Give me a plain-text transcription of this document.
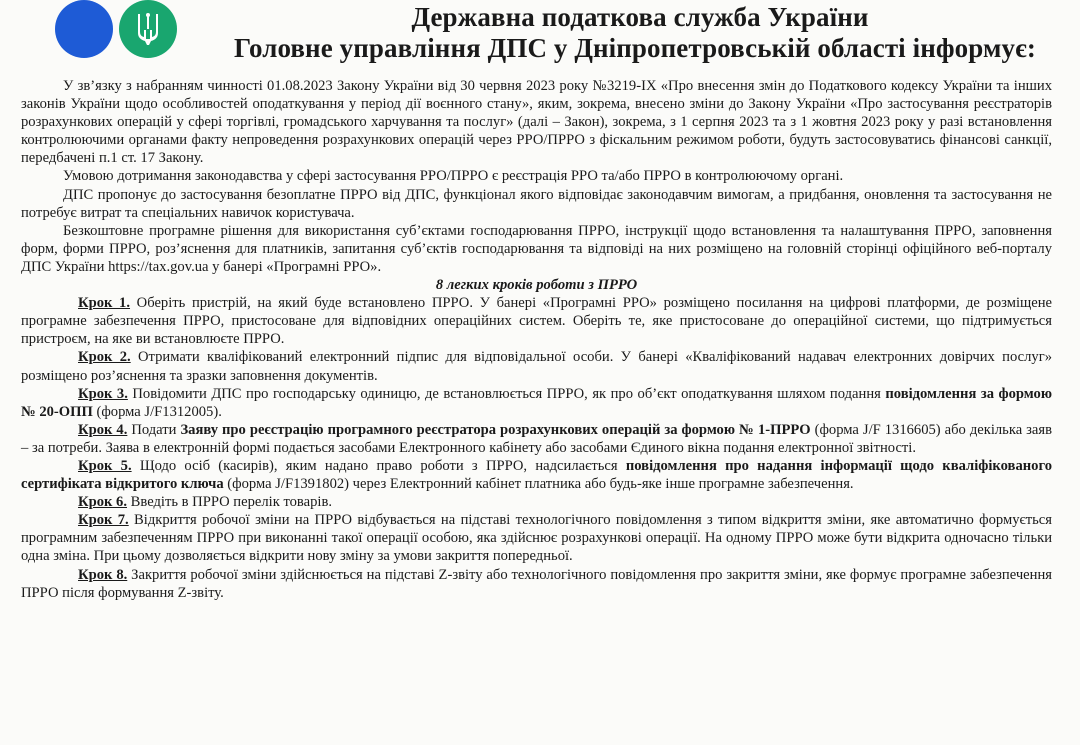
Державна податкова служба України
Головне управління ДПС у Дніпропетровській області інформує:

У зв’язку з набранням чинності 01.08.2023 Закону України від 30 червня 2023 року №3219-IX «Про внесення змін до Податкового кодексу України та інших законів України щодо особливостей оподаткування у період дії воєнного стану», яким, зокрема, внесено зміни до Закону України «Про застосування реєстраторів розрахункових операцій у сфері торгівлі, громадського харчування та послуг» (далі – Закон), зокрема, з 1 серпня 2023 та з 1 жовтня 2023 року у разі встановлення контролюючими органами факту непроведення розрахункових операцій через РРО/ПРРО з фіскальним режимом роботи, будуть застосовуватись фінансові санкції, передбачені п.1 ст. 17 Закону.

Умовою дотримання законодавства у сфері застосування РРО/ПРРО є реєстрація РРО та/або ПРРО в контролюючому органі.

ДПС пропонує до застосування безоплатне ПРРО від ДПС, функціонал якого відповідає законодавчим вимогам, а придбання, оновлення та застосування не потребує витрат та спеціальних навичок користувача.

Безкоштовне програмне рішення для використання суб’єктами господарювання ПРРО, інструкції щодо встановлення та налаштування ПРРО, заповнення форм, форми ПРРО, роз’яснення для платників, запитання суб’єктів господарювання та відповіді на них розміщено на головній сторінці офіційного веб-порталу ДПС України https://tax.gov.ua у банері «Програмні РРО».

8 легких кроків роботи з ПРРО

Крок 1. Оберіть пристрій, на який буде встановлено ПРРО. У банері «Програмні РРО» розміщено посилання на цифрові платформи, де розміщене програмне забезпечення ПРРО, пристосоване для відповідних операційних систем. Оберіть те, яке пристосоване до операційної системи, що підтримується пристроєм, на яке ви встановлюєте ПРРО.

Крок 2. Отримати кваліфікований електронний підпис для відповідальної особи. У банері «Кваліфікований надавач електронних довірчих послуг» розміщено роз’яснення та зразки заповнення документів.

Крок 3. Повідомити ДПС про господарську одиницю, де встановлюється ПРРО, як про об’єкт оподаткування шляхом подання повідомлення за формою № 20-ОПП (форма J/F1312005).

Крок 4. Подати Заяву про реєстрацію програмного реєстратора розрахункових операцій за формою № 1-ПРРО (форма J/F 1316605) або декілька заяв – за потреби. Заява в електронній формі подається засобами Електронного кабінету або засобами Єдиного вікна подання електронної звітності.

Крок 5. Щодо осіб (касирів), яким надано право роботи з ПРРО, надсилається повідомлення про надання інформації щодо кваліфікованого сертифіката відкритого ключа (форма J/F1391802) через Електронний кабінет платника або будь-яке інше програмне забезпечення.

Крок 6. Введіть в ПРРО перелік товарів.

Крок 7. Відкриття робочої зміни на ПРРО відбувається на підставі технологічного повідомлення з типом відкриття зміни, яке автоматично формується програмним забезпеченням ПРРО при виконанні такої операції особою, яка здійснює розрахункові операції. На одному ПРРО може бути відкрита одночасно тільки одна зміна. При цьому дозволяється відкрити нову зміну за умови закриття попередньої.

Крок 8. Закриття робочої зміни здійснюється на підставі Z-звіту або технологічного повідомлення про закриття зміни, яке формує програмне забезпечення ПРРО після формування Z-звіту.
